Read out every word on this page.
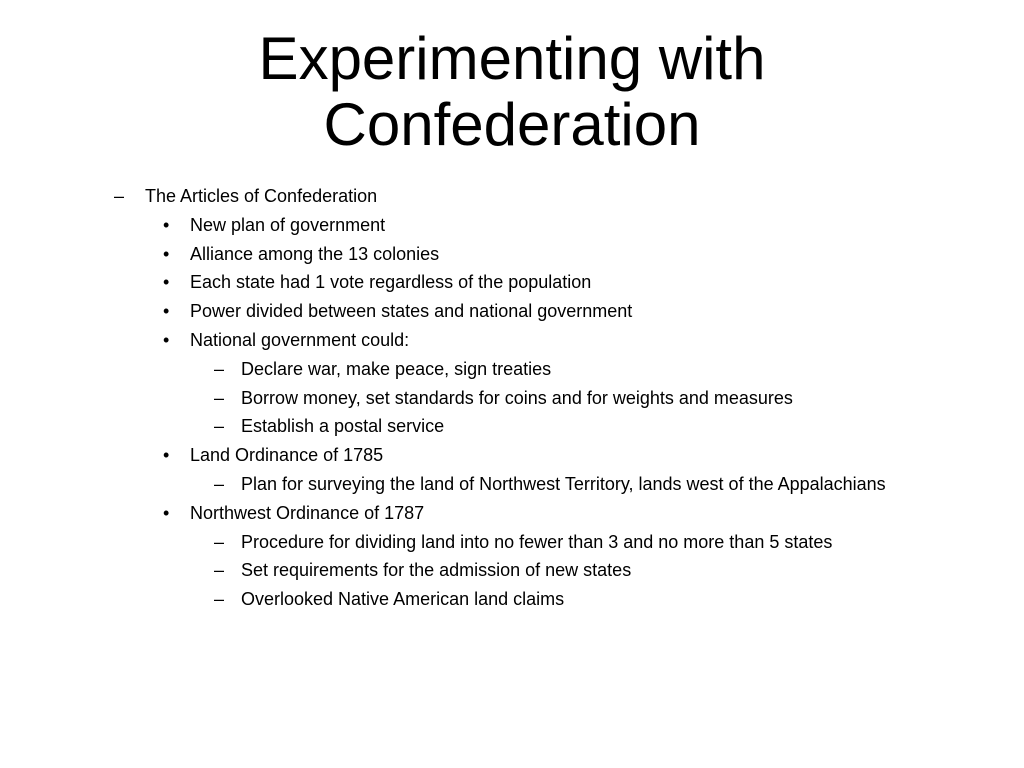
Experimenting with
Confederation
– The Articles of Confederation
• New plan of government
• Alliance among the 13 colonies
• Each state had 1 vote regardless of the population
• Power divided between states and national government
• National government could:
– Declare war, make peace, sign treaties
– Borrow money, set standards for coins and for weights and measures
– Establish a postal service
• Land Ordinance of 1785
– Plan for surveying the land of Northwest Territory, lands west of the Appalachians
• Northwest Ordinance of 1787
– Procedure for dividing land into no fewer than 3 and no more than 5 states
– Set requirements for the admission of new states
– Overlooked Native American land claims
